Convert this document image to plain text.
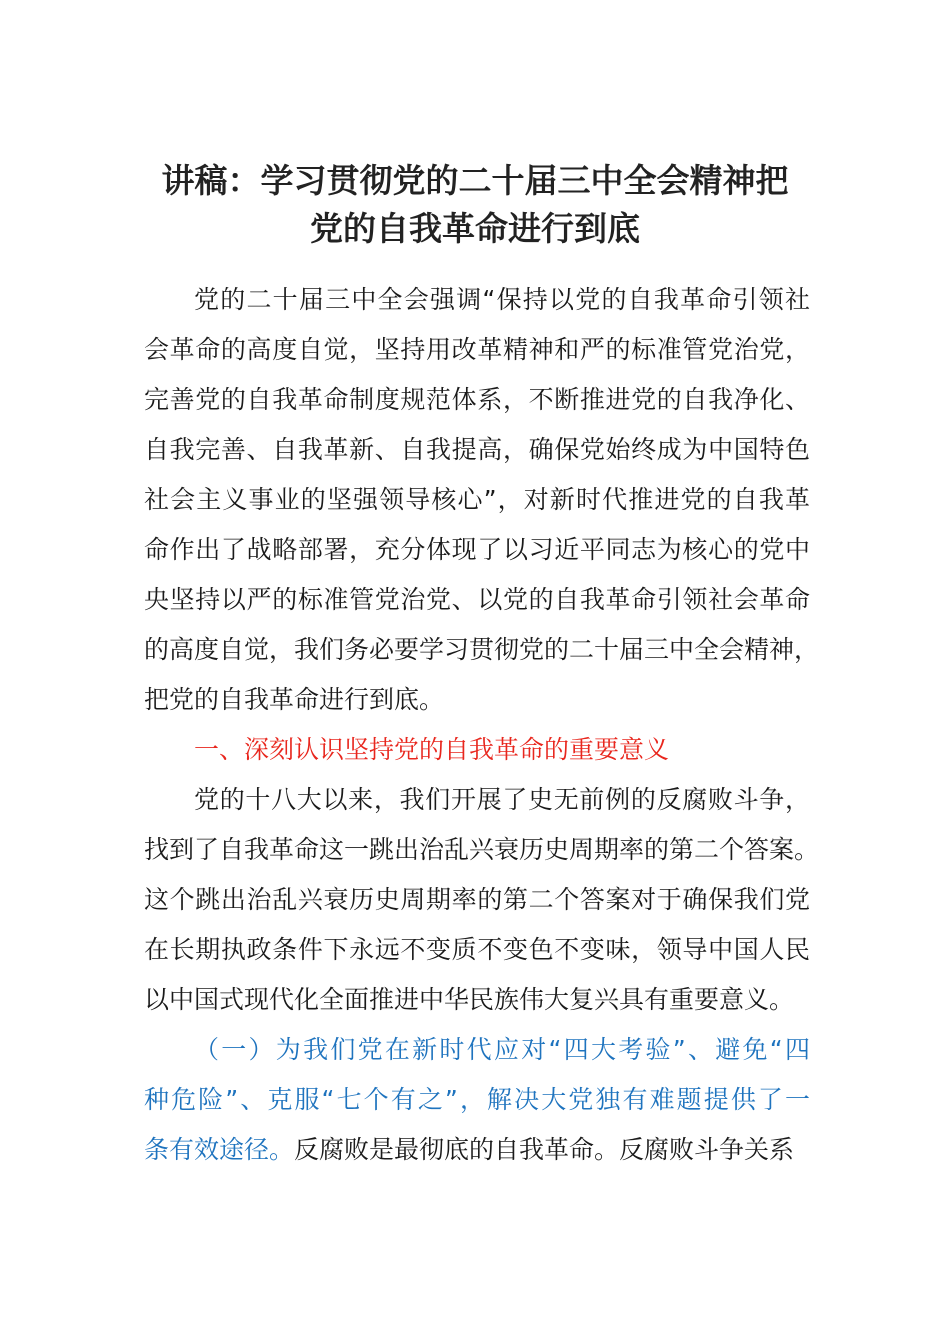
讲稿：学习贯彻党的二十届三中全会精神把
党的自我革命进行到底
党的二十届三中全会强调“保持以党的自我革命引领社
会革命的高度自觉，坚持用改革精神和严的标准管党治党，
完善党的自我革命制度规范体系，不断推进党的自我净化、
自我完善、自我革新、自我提高，确保党始终成为中国特色
社会主义事业的坚强领导核心”，对新时代推进党的自我革
命作出了战略部署，充分体现了以习近平同志为核心的党中
央坚持以严的标准管党治党、以党的自我革命引领社会革命
的高度自觉，我们务必要学习贯彻党的二十届三中全会精神，
把党的自我革命进行到底。
一、深刻认识坚持党的自我革命的重要意义
党的十八大以来，我们开展了史无前例的反腐败斗争，
找到了自我革命这一跳出治乱兴衰历史周期率的第二个答案。
这个跳出治乱兴衰历史周期率的第二个答案对于确保我们党
在长期执政条件下永远不变质不变色不变味，领导中国人民
以中国式现代化全面推进中华民族伟大复兴具有重要意义。
（一）为我们党在新时代应对“四大考验”、避免“四
种危险”、克服“七个有之”，解决大党独有难题提供了一
条有效途径。反腐败是最彻底的自我革命。反腐败斗争关系
